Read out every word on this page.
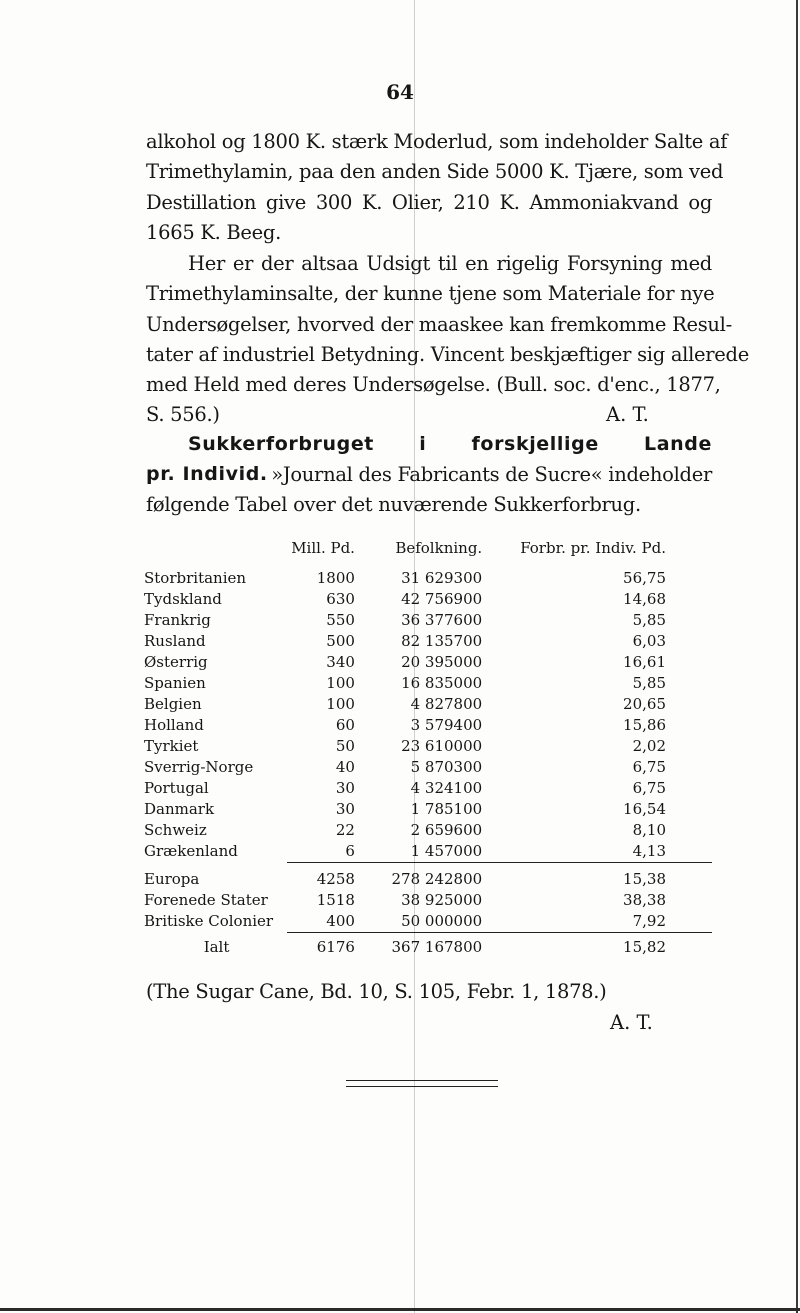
64
alkohol og 1800 K. stærk Moderlud, som indeholder Salte af
Trimethylamin, paa den anden Side 5000 K. Tjære, som ved
Destillation give 300 K. Olier, 210 K. Ammoniakvand og
1665 K. Beeg.
Her er der altsaa Udsigt til en rigelig Forsyning med
Trimethylaminsalte, der kunne tjene som Materiale for nye
Undersøgelser, hvorved der maaskee kan fremkomme Resul-
tater af industriel Betydning. Vincent beskjæftiger sig allerede
med Held med deres Undersøgelse. (Bull. soc. d'enc., 1877,
S. 556.)	A. T.
Sukkerforbruget i forskjellige Lande
pr. Individ. »Journal des Fabricants de Sucre« indeholder
følgende Tabel over det nuværende Sukkerforbrug.
	Mill. Pd.	Befolkning.	Forbr. pr. Indiv. Pd.
Storbritanien	1800	31 629300	56,75
Tydskland	630	42 756900	14,68
Frankrig	550	36 377600	5,85
Rusland	500	82 135700	6,03
Østerrig	340	20 395000	16,61
Spanien	100	16 835000	5,85
Belgien	100	4 827800	20,65
Holland	60	3 579400	15,86
Tyrkiet	50	23 610000	2,02
Sverrig-Norge	40	5 870300	6,75
Portugal	30	4 324100	6,75
Danmark	30	1 785100	16,54
Schweiz	22	2 659600	8,10
Grækenland	6	1 457000	4,13
Europa	4258	278 242800	15,38
Forenede Stater	1518	38 925000	38,38
Britiske Colonier	400	50 000000	7,92
Ialt	6176	367 167800	15,82
(The Sugar Cane, Bd. 10, S. 105, Febr. 1, 1878.)
A. T.
